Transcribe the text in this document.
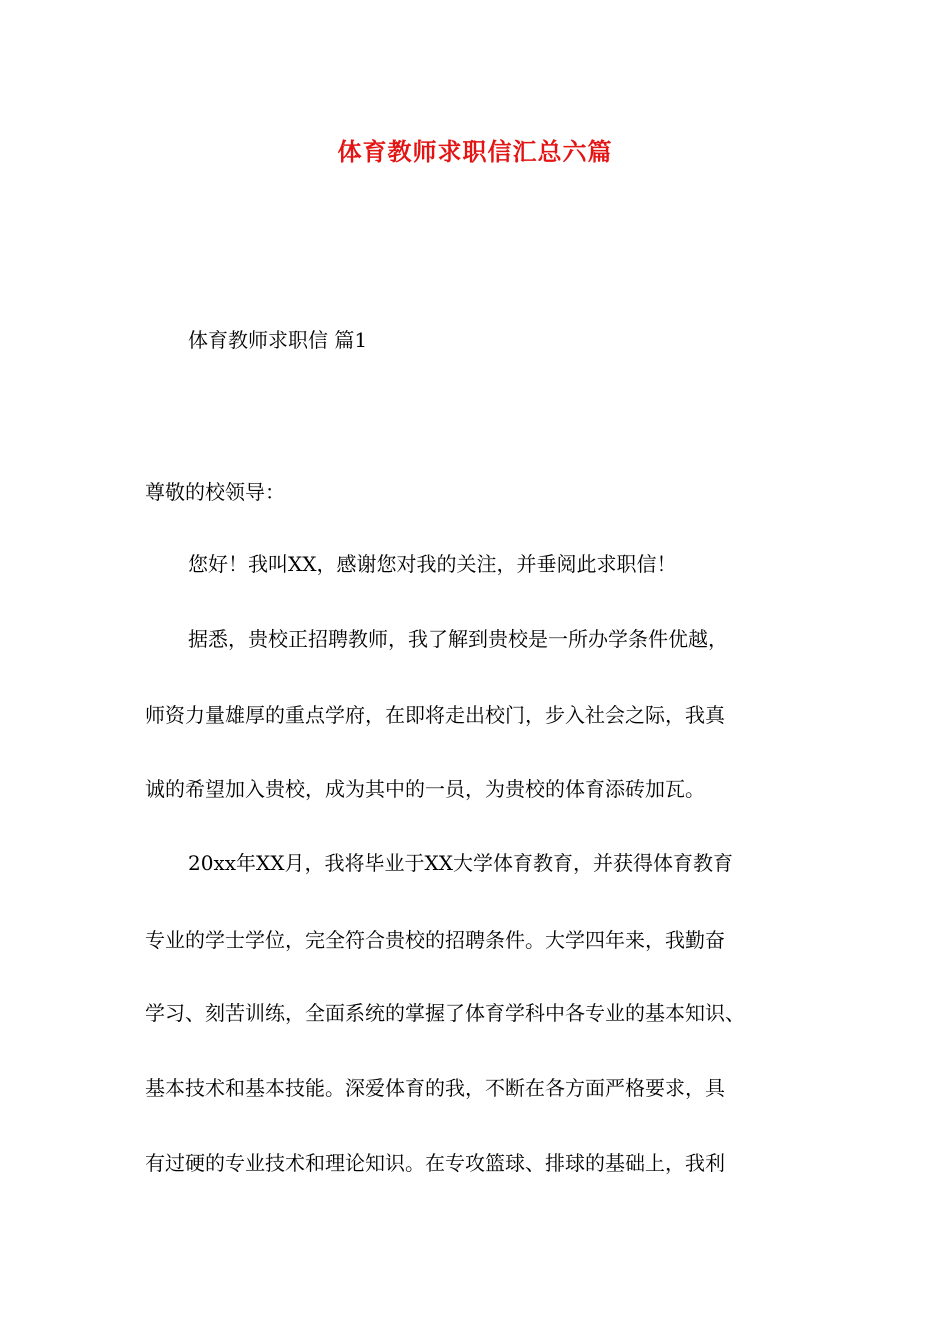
体育教师求职信汇总六篇
体育教师求职信 篇1
尊敬的校领导：
您好！我叫XX，感谢您对我的关注，并垂阅此求职信！
据悉，贵校正招聘教师，我了解到贵校是一所办学条件优越，
师资力量雄厚的重点学府，在即将走出校门，步入社会之际，我真
诚的希望加入贵校，成为其中的一员，为贵校的体育添砖加瓦。
20xx年XX月，我将毕业于XX大学体育教育，并获得体育教育
专业的学士学位，完全符合贵校的招聘条件。大学四年来，我勤奋
学习、刻苦训练，全面系统的掌握了体育学科中各专业的基本知识、
基本技术和基本技能。深爱体育的我，不断在各方面严格要求，具
有过硬的专业技术和理论知识。在专攻篮球、排球的基础上，我利
